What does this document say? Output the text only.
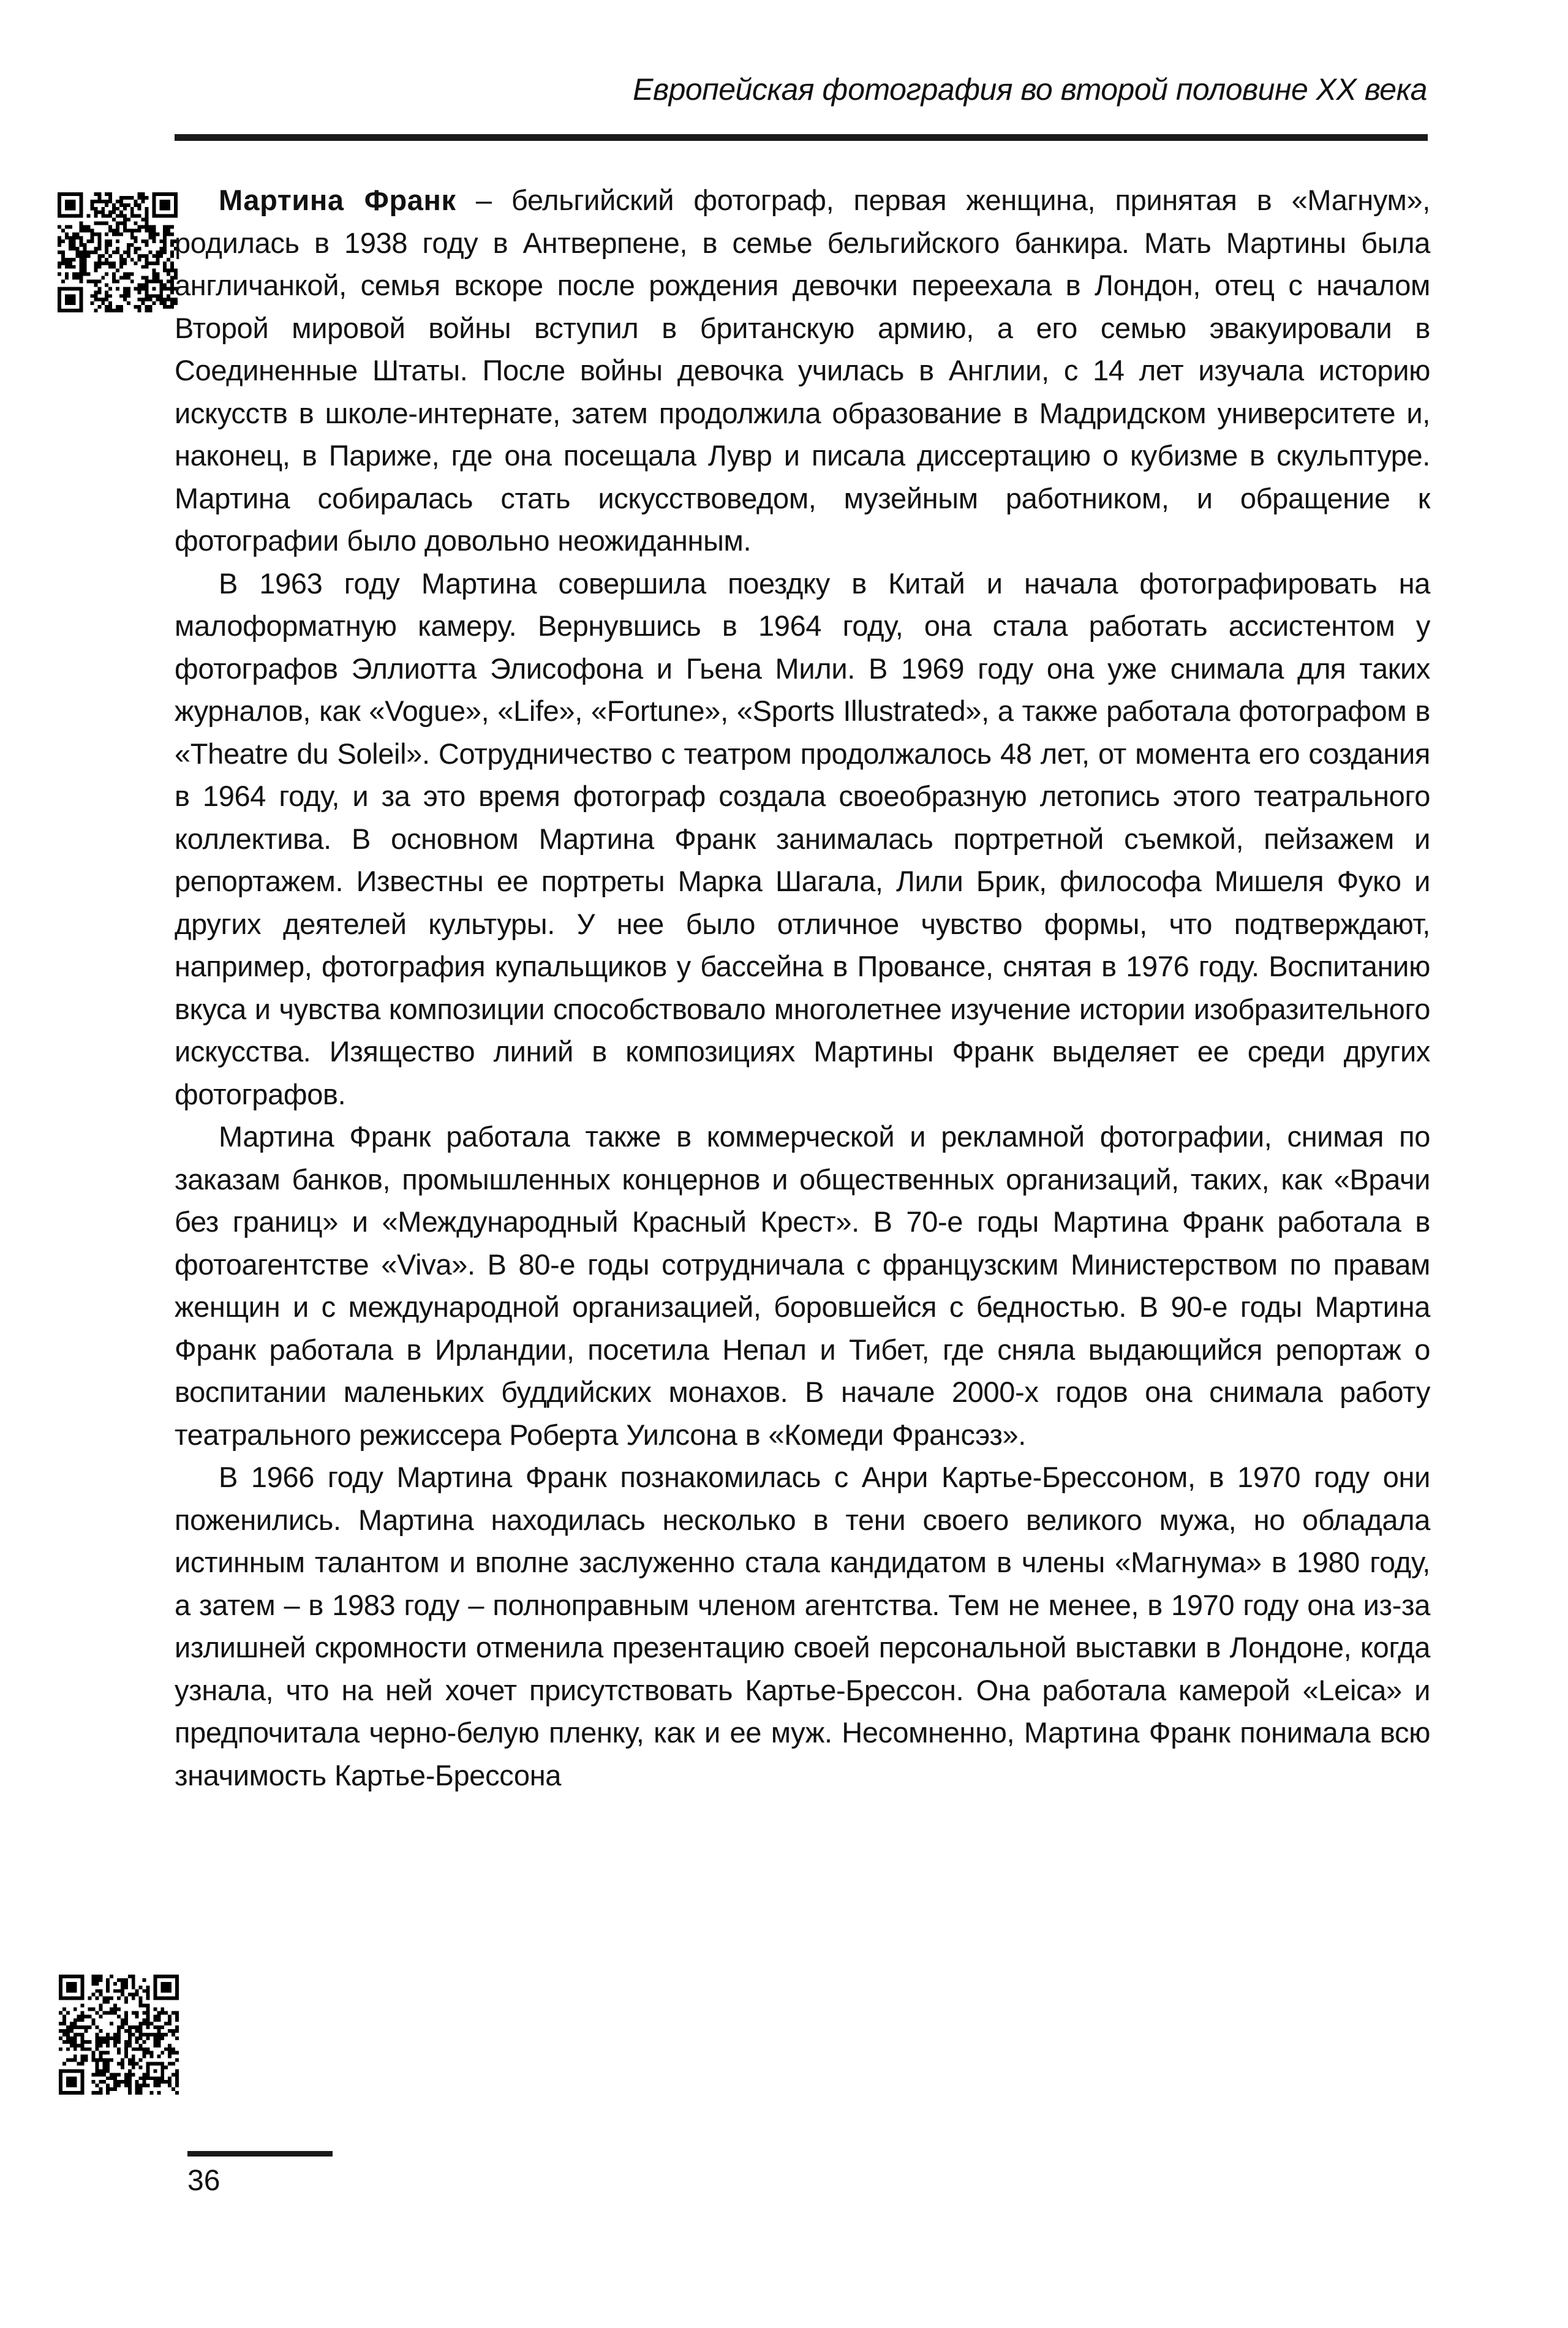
Европейская фотография во второй половине XX века

Мартина Франк – бельгийский фотограф, первая женщина, принятая в «Магнум», родилась в 1938 году в Антверпене, в семье бельгийского банкира. Мать Мартины была англичанкой, семья вскоре после рождения девочки переехала в Лондон, отец с началом Второй мировой войны вступил в британскую армию, а его семью эвакуировали в Соединенные Штаты. После войны девочка училась в Англии, с 14 лет изучала историю искусств в школе-интернате, затем продолжила образование в Мадридском университете и, наконец, в Париже, где она посещала Лувр и писала диссертацию о кубизме в скульптуре. Мартина собиралась стать искусствоведом, музейным работником, и обращение к фотографии было довольно неожиданным.

В 1963 году Мартина совершила поездку в Китай и начала фотографировать на малоформатную камеру. Вернувшись в 1964 году, она стала работать ассистентом у фотографов Эллиотта Элисофона и Гьена Мили. В 1969 году она уже снимала для таких журналов, как «Vogue», «Life», «Fortune», «Sports Illustrated», а также работала фотографом в «Theatre du Soleil». Сотрудничество с театром продолжалось 48 лет, от момента его создания в 1964 году, и за это время фотограф создала своеобразную летопись этого театрального коллектива. В основном Мартина Франк занималась портретной съемкой, пейзажем и репортажем. Известны ее портреты Марка Шагала, Лили Брик, философа Мишеля Фуко и других деятелей культуры. У нее было отличное чувство формы, что подтверждают, например, фотография купальщиков у бассейна в Провансе, снятая в 1976 году. Воспитанию вкуса и чувства композиции способствовало многолетнее изучение истории изобразительного искусства. Изящество линий в композициях Мартины Франк выделяет ее среди других фотографов.

Мартина Франк работала также в коммерческой и рекламной фотографии, снимая по заказам банков, промышленных концернов и общественных организаций, таких, как «Врачи без границ» и «Международный Красный Крест». В 70-е годы Мартина Франк работала в фотоагентстве «Viva». В 80-е годы сотрудничала с французским Министерством по правам женщин и с международной организацией, боровшейся с бедностью. В 90-е годы Мартина Франк работала в Ирландии, посетила Непал и Тибет, где сняла выдающийся репортаж о воспитании маленьких буддийских монахов. В начале 2000-х годов она снимала работу театрального режиссера Роберта Уилсона в «Комеди Франсэз».

В 1966 году Мартина Франк познакомилась с Анри Картье-Брессоном, в 1970 году они поженились. Мартина находилась несколько в тени своего великого мужа, но обладала истинным талантом и вполне заслуженно стала кандидатом в члены «Магнума» в 1980 году, а затем – в 1983 году – полноправным членом агентства. Тем не менее, в 1970 году она из-за излишней скромности отменила презентацию своей персональной выставки в Лондоне, когда узнала, что на ней хочет присутствовать Картье-Брессон. Она работала камерой «Leica» и предпочитала черно-белую пленку, как и ее муж. Несомненно, Мартина Франк понимала всю значимость Картье-Брессона

36
